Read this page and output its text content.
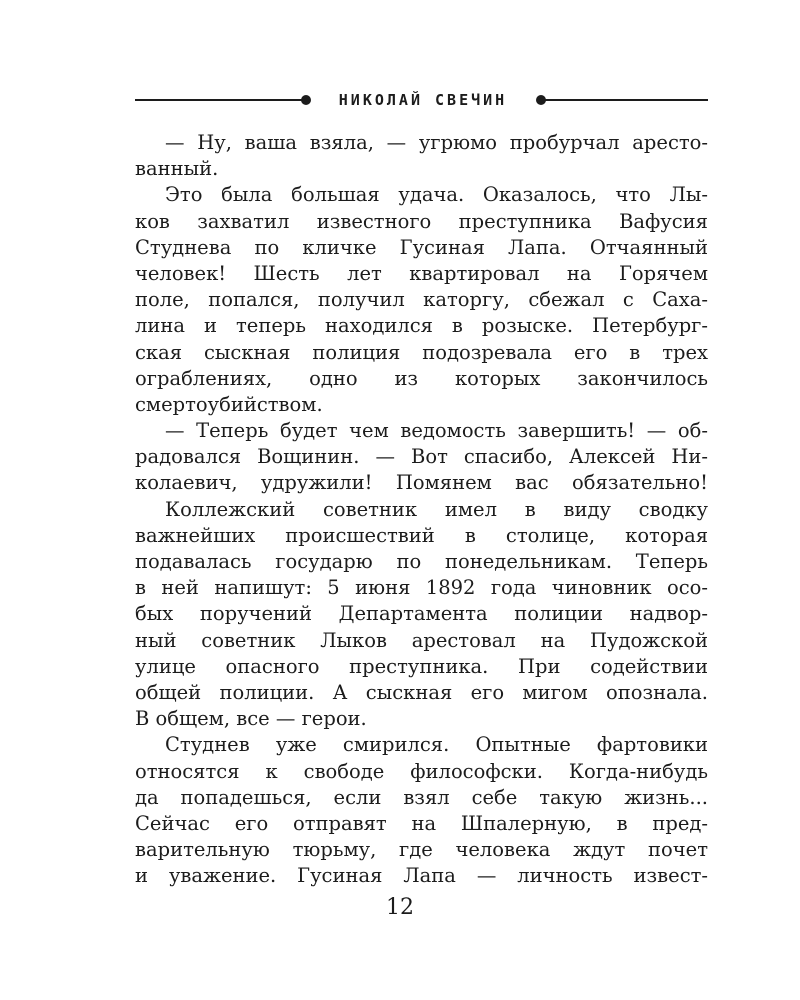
НИКОЛАЙ СВЕЧИН
— Ну, ваша взяла, — угрюмо пробурчал аресто-
ванный.
Это была большая удача. Оказалось, что Лы-
ков захватил известного преступника Вафусия
Студнева по кличке Гусиная Лапа. Отчаянный
человек! Шесть лет квартировал на Горячем
поле, попался, получил каторгу, сбежал с Саха-
лина и теперь находился в розыске. Петербург-
ская сыскная полиция подозревала его в трех
ограблениях, одно из которых закончилось
смертоубийством.
— Теперь будет чем ведомость завершить! — об-
радовался Вощинин. — Вот спасибо, Алексей Ни-
колаевич, удружили! Помянем вас обязательно!
Коллежский советник имел в виду сводку
важнейших происшествий в столице, которая
подавалась государю по понедельникам. Теперь
в ней напишут: 5 июня 1892 года чиновник осо-
бых поручений Департамента полиции надвор-
ный советник Лыков арестовал на Пудожской
улице опасного преступника. При содействии
общей полиции. А сыскная его мигом опознала.
В общем, все — герои.
Студнев уже смирился. Опытные фартовики
относятся к свободе философски. Когда-нибудь
да попадешься, если взял себе такую жизнь...
Сейчас его отправят на Шпалерную, в пред-
варительную тюрьму, где человека ждут почет
и уважение. Гусиная Лапа — личность извест-
12
